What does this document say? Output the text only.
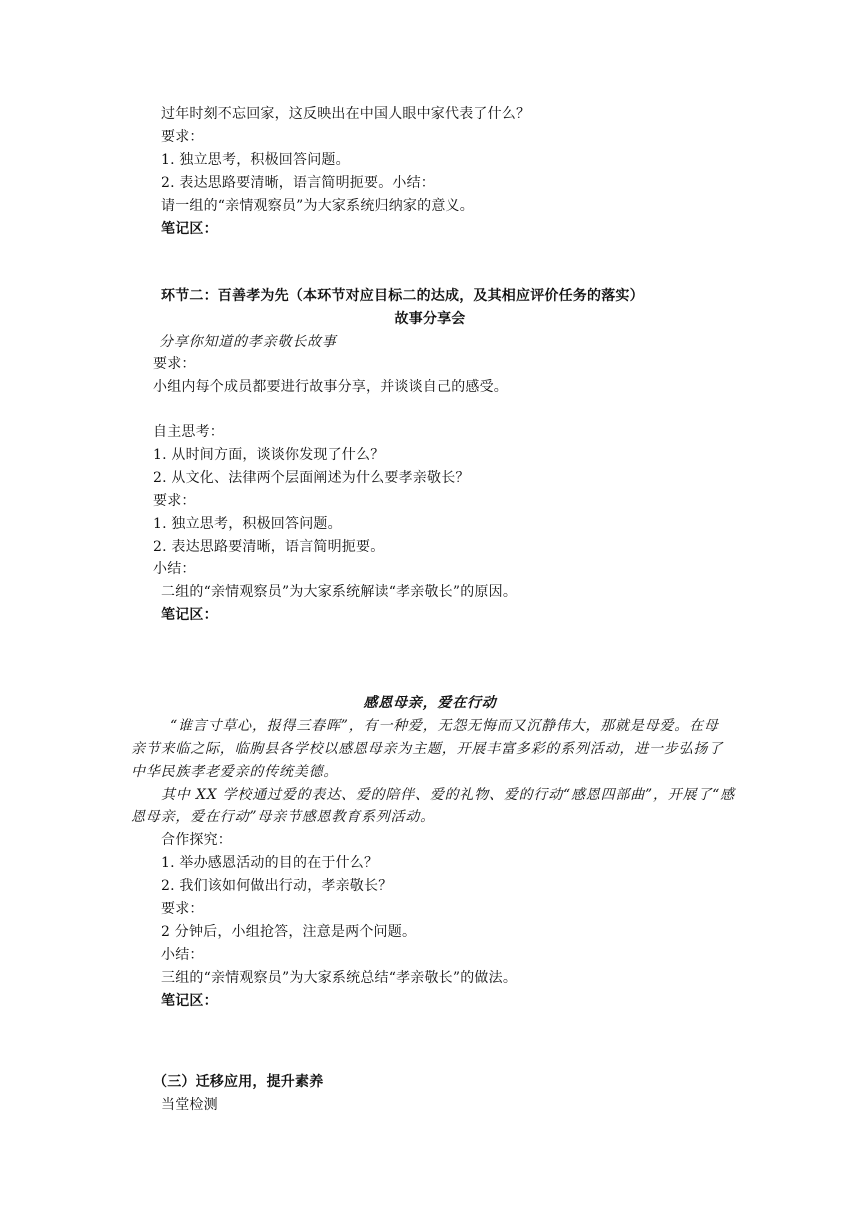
过年时刻不忘回家，这反映出在中国人眼中家代表了什么？
要求：
1. 独立思考，积极回答问题。
2. 表达思路要清晰，语言简明扼要。小结：
请一组的“亲情观察员”为大家系统归纳家的意义。
笔记区：
环节二：百善孝为先（本环节对应目标二的达成，及其相应评价任务的落实）
故事分享会
分享你知道的孝亲敬长故事
要求：
小组内每个成员都要进行故事分享，并谈谈自己的感受。
自主思考：
1. 从时间方面，谈谈你发现了什么？
2. 从文化、法律两个层面阐述为什么要孝亲敬长？
要求：
1. 独立思考，积极回答问题。
2. 表达思路要清晰，语言简明扼要。
小结：
二组的“亲情观察员”为大家系统解读“孝亲敬长”的原因。
笔记区：
感恩母亲，爱在行动
“谁言寸草心，报得三春晖”，有一种爱，无怨无悔而又沉静伟大，那就是母爱。在母
亲节来临之际，临朐县各学校以感恩母亲为主题，开展丰富多彩的系列活动，进一步弘扬了
中华民族孝老爱亲的传统美德。
其中 XX 学校通过爱的表达、爱的陪伴、爱的礼物、爱的行动“感恩四部曲”，开展了“感
恩母亲，爱在行动”母亲节感恩教育系列活动。
合作探究：
1. 举办感恩活动的目的在于什么？
2. 我们该如何做出行动，孝亲敬长？
要求：
2 分钟后，小组抢答，注意是两个问题。
小结：
三组的“亲情观察员”为大家系统总结“孝亲敬长”的做法。
笔记区：
（三）迁移应用，提升素养
当堂检测
